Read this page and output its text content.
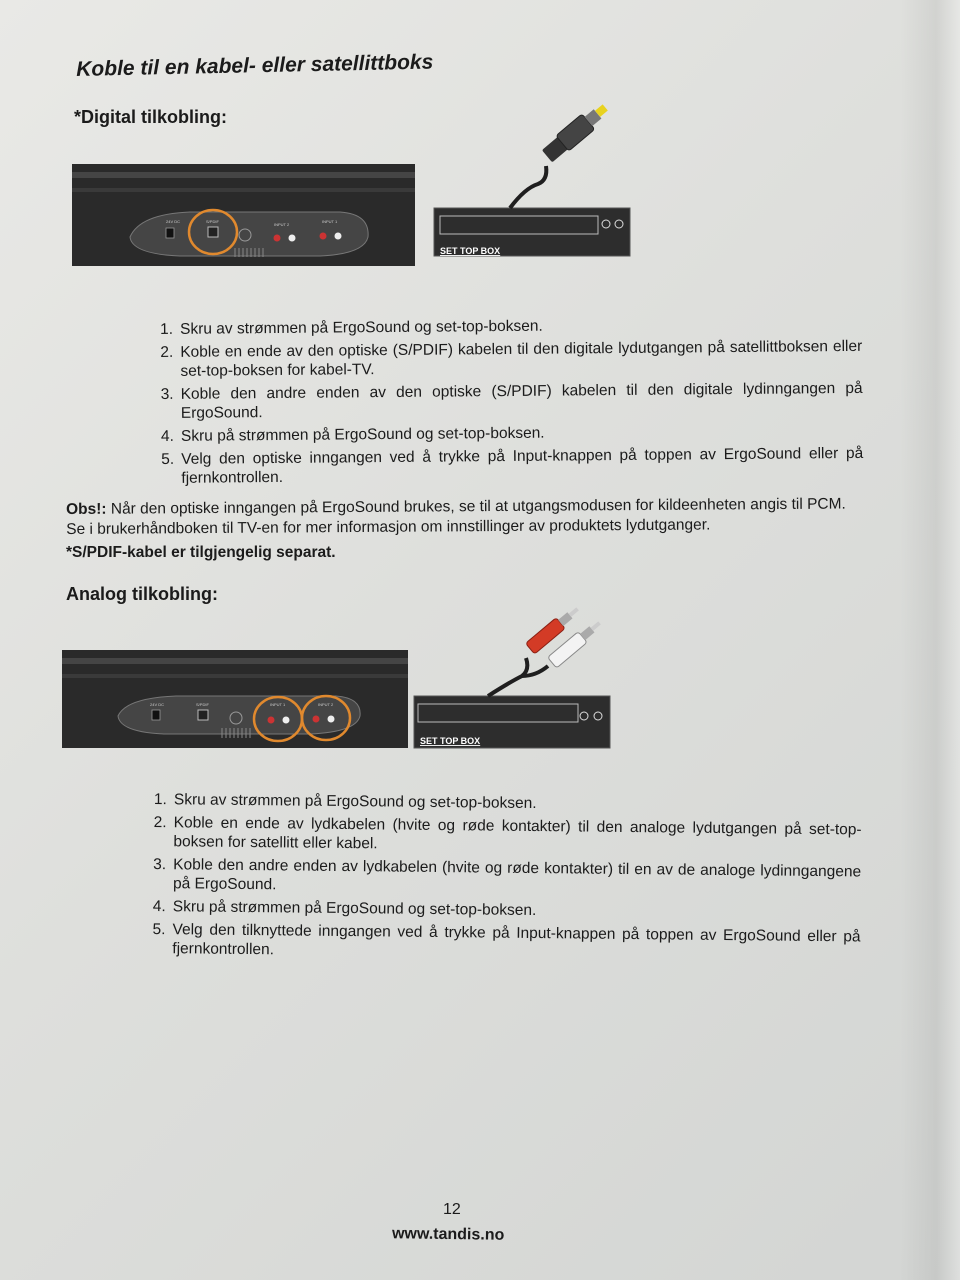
Koble til en kabel- eller satellittboks
*Digital tilkobling:
24V DC	S/PDIF
INPUT 2
INPUT 1
SET TOP BOX
1. Skru av strømmen på ErgoSound og set-top-boksen.
2. Koble en ende av den optiske (S/PDIF) kabelen til den digitale lydutgangen på satellittboksen eller set-top-boksen for kabel-TV.
3. Koble den andre enden av den optiske (S/PDIF) kabelen til den digitale lydinngangen på ErgoSound.
4. Skru på strømmen på ErgoSound og set-top-boksen.
5. Velg den optiske inngangen ved å trykke på Input-knappen på toppen av ErgoSound eller på fjernkontrollen.

Obs!: Når den optiske inngangen på ErgoSound brukes, se til at utgangsmodusen for kildeenheten angis til PCM. Se i brukerhåndboken til TV-en for mer informasjon om innstillinger av produktets lydutganger.

*S/PDIF-kabel er tilgjengelig separat.

Analog tilkobling:
24V DC	S/PDIF	INPUT 1	INPUT 2
SET TOP BOX
1. Skru av strømmen på ErgoSound og set-top-boksen.
2. Koble en ende av lydkabelen (hvite og røde kontakter) til den analoge lydutgangen på set-top-boksen for satellitt eller kabel.
3. Koble den andre enden av lydkabelen (hvite og røde kontakter) til en av de analoge lydinngangene på ErgoSound.
4. Skru på strømmen på ErgoSound og set-top-boksen.
5. Velg den tilknyttede inngangen ved å trykke på Input-knappen på toppen av ErgoSound eller på fjernkontrollen.
12
www.tandis.no
